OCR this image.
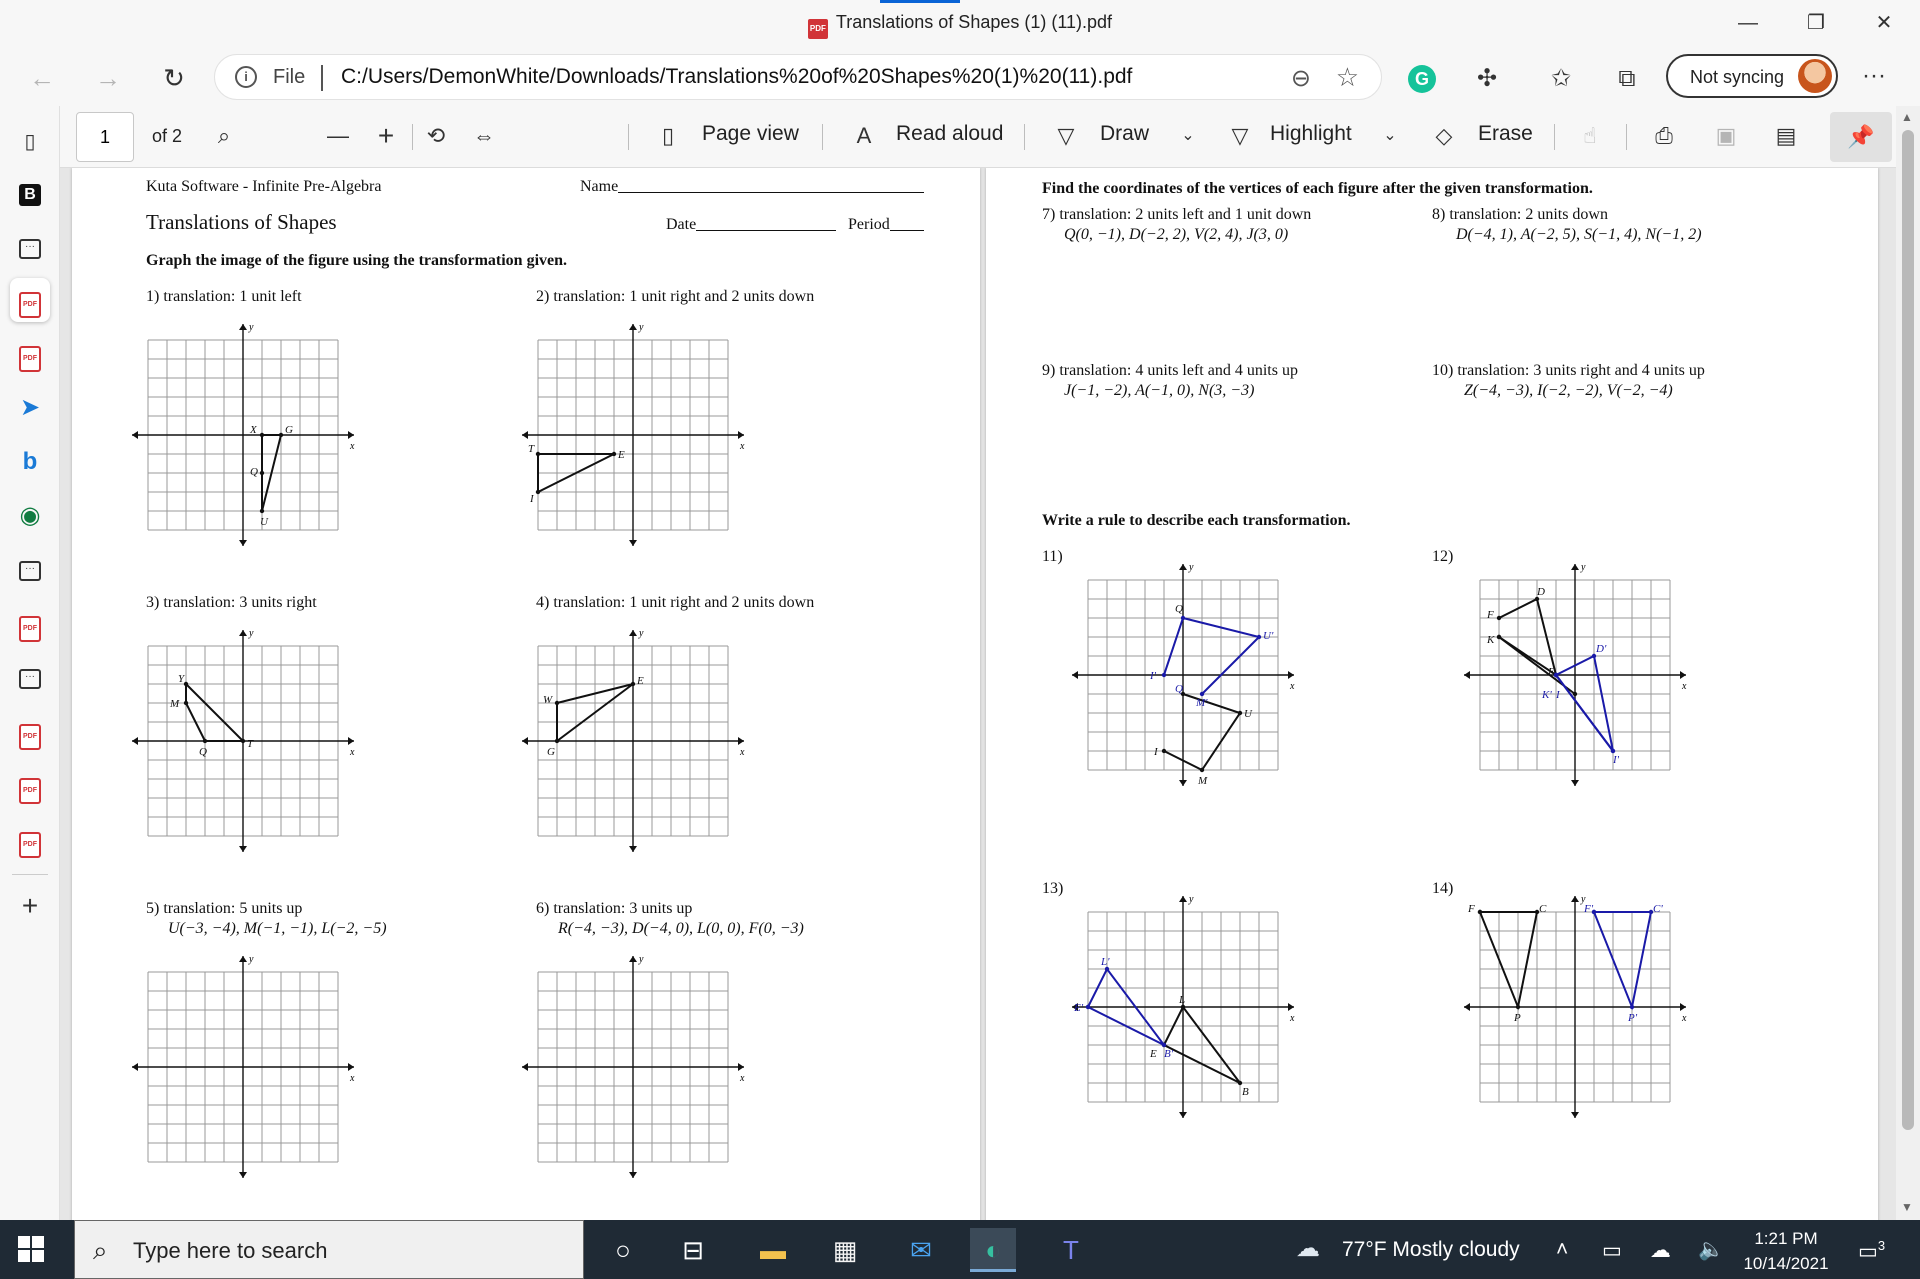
PDF Translations of Shapes (1) (11).pdf	—	❐	✕
← → ↻	i	File C:/Users/DemonWhite/Downloads/Translations%20of%20Shapes%20(1)%20(11).pdf	⊖ ☆	G ✣ ✩	⧉	Not syncing	···
▯
B
···
PDF
PDF
➤
b
◉
···
PDF
···
PDF
PDF
PDF
+
1	of 2	⌕	—	+	⟲	⇔	▯	Page view	A	Read aloud	▽	Draw	⌄	▽	Highlight	⌄	◇	Erase	☝	⎙	▣	▤	📌
Kuta Software - Infinite Pre-Algebra	Name
Translations of Shapes	Date	Period
Graph the image of the figure using the transformation given.
1) translation: 1 unit left	2) translation: 1 unit right and 2 units down
3) translation: 3 units right	4) translation: 1 unit right and 2 units down
5) translation: 5 units up
U(−3, −4), M(−1, −1), L(−2, −5)
6) translation: 3 units up
R(−4, −3), D(−4, 0), L(0, 0), F(0, −3)
x
y
X	G
Q
U
x
y
T	E
I
x
y
Y
M
Q
T
x
y
W
E
G
x
y
x
y
Find the coordinates of the vertices of each figure after the given transformation.
7) translation: 2 units left and 1 unit down
Q(0, −1), D(−2, 2), V(2, 4), J(3, 0)
8) translation: 2 units down
D(−4, 1), A(−2, 5), S(−1, 4), N(−1, 2)
9) translation: 4 units left and 4 units up
J(−1, −2), A(−1, 0), N(3, −3)
10) translation: 3 units right and 4 units up
Z(−4, −3), I(−2, −2), V(−2, −4)
Write a rule to describe each transformation.
11)	12)
13)	14)
x
y
Q
U'
I'
Q
M'
U
I
M
x
y
D
F
K
D'
E
K' I
I'
x
y
L'
E'
L
E B'
B
x
y
F	C	F'	C'
P	P'
▲
▼
⌕ Type here to search	○	⊟	▬	▦	✉	◐	T	☁ 77°F Mostly cloudy ˄ ▭ ☁ 🔈	1:21 PM
10/14/2021
▭$^3$
